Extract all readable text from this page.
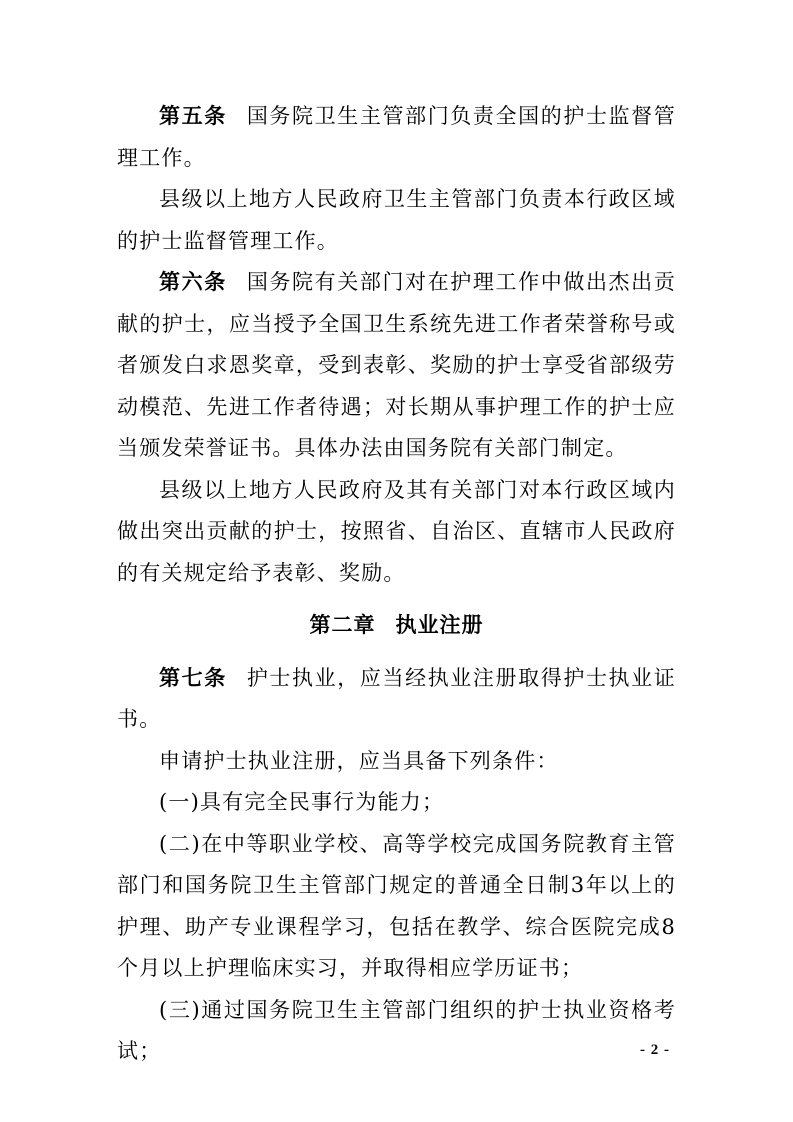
第五条 国务院卫生主管部门负责全国的护士监督管理工作。

县级以上地方人民政府卫生主管部门负责本行政区域的护士监督管理工作。

第六条 国务院有关部门对在护理工作中做出杰出贡献的护士，应当授予全国卫生系统先进工作者荣誉称号或者颁发白求恩奖章，受到表彰、奖励的护士享受省部级劳动模范、先进工作者待遇；对长期从事护理工作的护士应当颁发荣誉证书。具体办法由国务院有关部门制定。

县级以上地方人民政府及其有关部门对本行政区域内做出突出贡献的护士，按照省、自治区、直辖市人民政府的有关规定给予表彰、奖励。

第二章 执业注册

第七条 护士执业，应当经执业注册取得护士执业证书。

申请护士执业注册，应当具备下列条件：

(一)具有完全民事行为能力；

(二)在中等职业学校、高等学校完成国务院教育主管部门和国务院卫生主管部门规定的普通全日制3年以上的护理、助产专业课程学习，包括在教学、综合医院完成8个月以上护理临床实习，并取得相应学历证书；

(三)通过国务院卫生主管部门组织的护士执业资格考试；	- 2 -
